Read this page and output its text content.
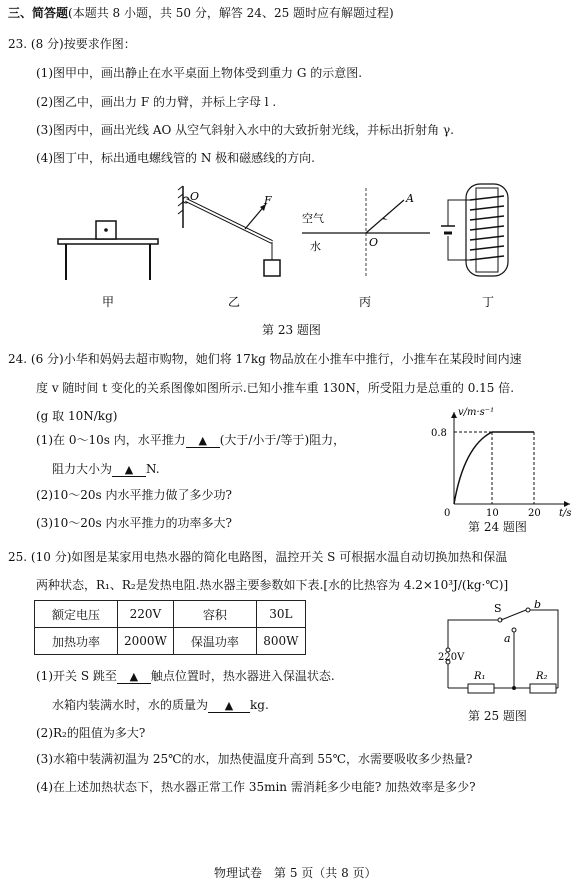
三、简答题(本题共 8 小题，共 50 分，解答 24、25 题时应有解题过程)
23. (8 分)按要求作图：
(1)图甲中，画出静止在水平桌面上物体受到重力 G 的示意图.
(2)图乙中，画出力 F 的力臂，并标上字母 l .
(3)图丙中，画出光线 AO 从空气斜射入水中的大致折射光线，并标出折射角 γ.
(4)图丁中，标出通电螺线管的 N 极和磁感线的方向.
甲
O	F
乙
A
空气
水	O
丙	丁
第 23 题图
24. (6 分)小华和妈妈去超市购物，她们将 17kg 物品放在小推车中推行，小推车在某段时间内速
度 v 随时间 t 变化的关系图像如图所示.已知小推车重 130N，所受阻力是总重的 0.15 倍.
(g 取 10N/kg)
(1)在 0～10s 内，水平推力 ▲ (大于/小于/等于)阻力，
阻力大小为 ▲ N.
(2)10～20s 内水平推力做了多少功?
(3)10～20s 内水平推力的功率多大?
v/m·s⁻¹
0.8
0	10	20 t/s
第 24 题图
25. (10 分)如图是某家用电热水器的简化电路图，温控开关 S 可根据水温自动切换加热和保温
两种状态，R₁、R₂是发热电阻.热水器主要参数如下表.[水的比热容为 4.2×10³J/(kg·℃)]
额定电压	220V	容积	30L
加热功率	2000W	保温功率	800W
(1)开关 S 跳至 ▲ 触点位置时，热水器进入保温状态.
水箱内装满水时，水的质量为 ▲ kg.
(2)R₂的阻值为多大?
(3)水箱中装满初温为 25℃的水，加热使温度升高到 55℃，水需要吸收多少热量?
(4)在上述加热状态下，热水器正常工作 35min 需消耗多少电能? 加热效率是多少?
S	b
a
220V
R₁	R₂
第 25 题图
物理试卷　第 5 页（共 8 页）
